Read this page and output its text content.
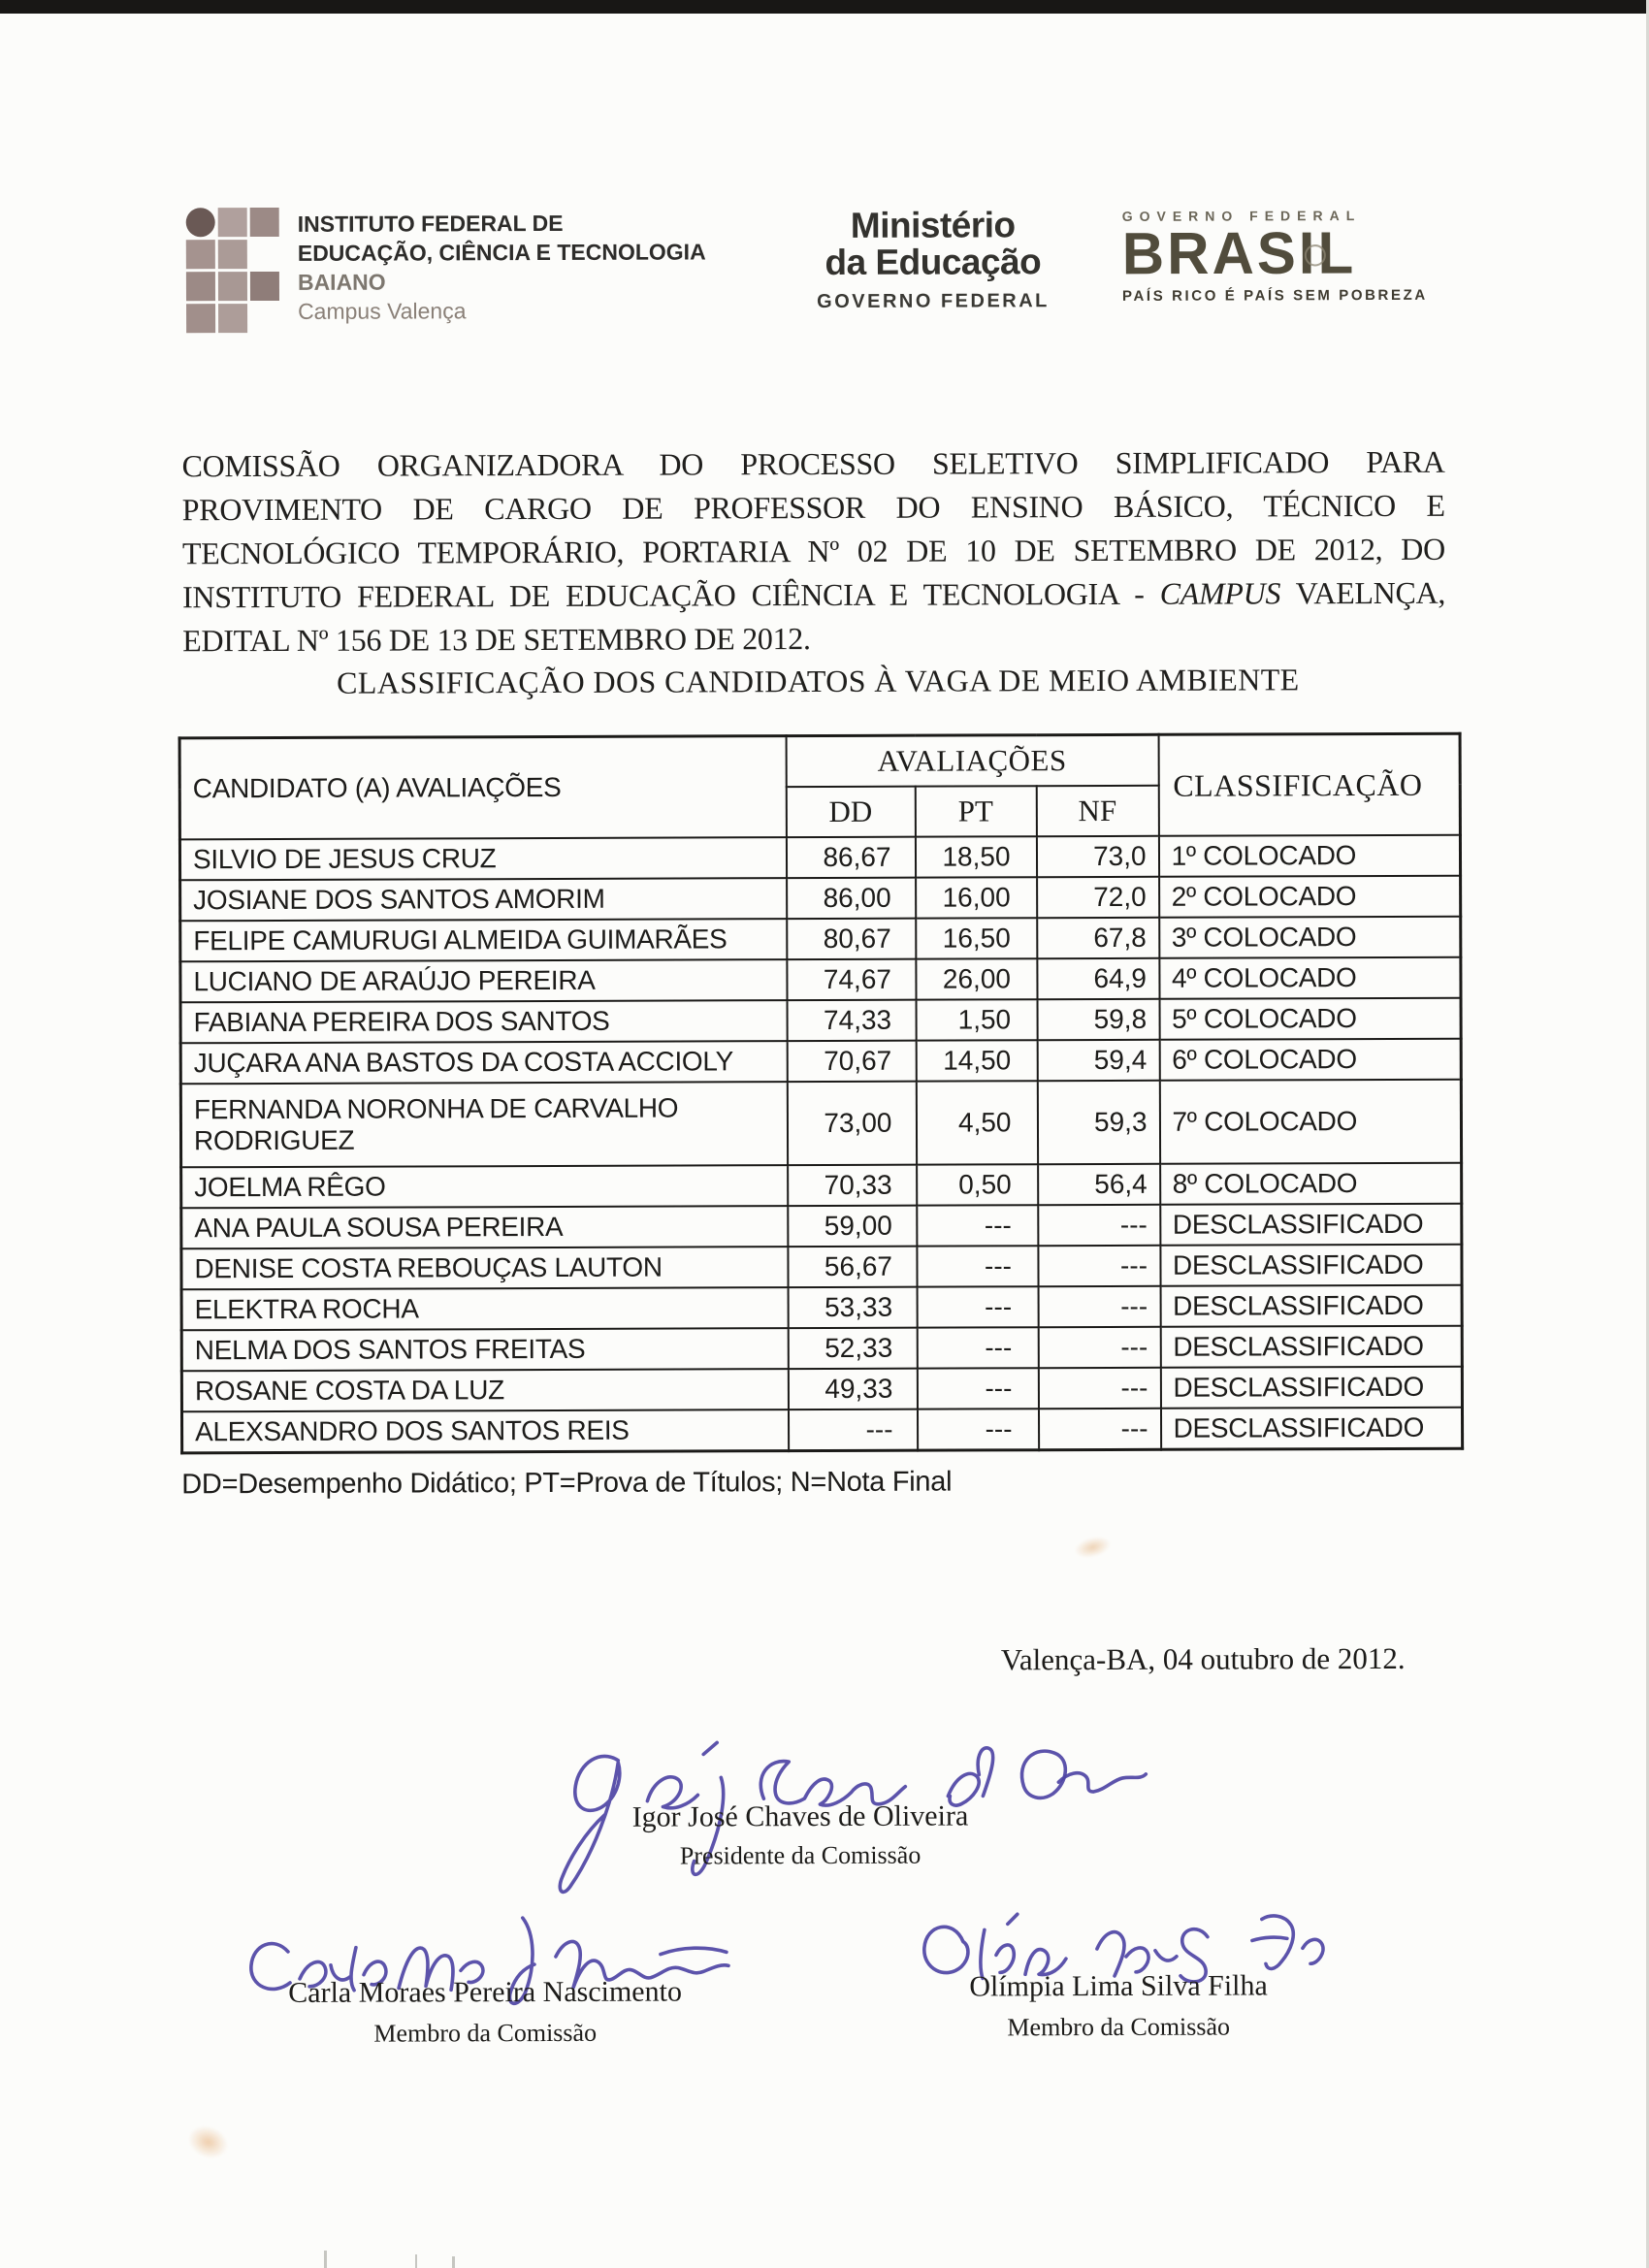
INSTITUTO FEDERAL DE
EDUCAÇÃO, CIÊNCIA E TECNOLOGIA
BAIANO
Campus Valença
Ministério
da Educação
GOVERNO FEDERAL
GOVERNO FEDERAL
BRASIL
PAÍS RICO É PAÍS SEM POBREZA

COMISSÃO ORGANIZADORA DO PROCESSO SELETIVO SIMPLIFICADO PARA PROVIMENTO DE CARGO DE PROFESSOR DO ENSINO BÁSICO, TÉCNICO E TECNOLÓGICO TEMPORÁRIO, PORTARIA Nº 02 DE 10 DE SETEMBRO DE 2012, DO INSTITUTO FEDERAL DE EDUCAÇÃO CIÊNCIA E TECNOLOGIA - CAMPUS VAELNÇA, EDITAL Nº 156 DE 13 DE SETEMBRO DE 2012.

CLASSIFICAÇÃO DOS CANDIDATOS À VAGA DE MEIO AMBIENTE
CANDIDATO (A) AVALIAÇÕES	AVALIAÇÕES			CLASSIFICAÇÃO
	DD	PT	NF	
SILVIO DE JESUS CRUZ	86,67	18,50	73,0	1º COLOCADO
JOSIANE DOS SANTOS AMORIM	86,00	16,00	72,0	2º COLOCADO
FELIPE CAMURUGI ALMEIDA GUIMARÃES	80,67	16,50	67,8	3º COLOCADO
LUCIANO DE ARAÚJO PEREIRA	74,67	26,00	64,9	4º COLOCADO
FABIANA PEREIRA DOS SANTOS	74,33	1,50	59,8	5º COLOCADO
JUÇARA ANA BASTOS DA COSTA ACCIOLY	70,67	14,50	59,4	6º COLOCADO
FERNANDA NORONHA DE CARVALHO
RODRIGUEZ	73,00	4,50	59,3	7º COLOCADO
JOELMA RÊGO	70,33	0,50	56,4	8º COLOCADO
ANA PAULA SOUSA PEREIRA	59,00	---	---	DESCLASSIFICADO
DENISE COSTA REBOUÇAS LAUTON	56,67	---	---	DESCLASSIFICADO
ELEKTRA ROCHA	53,33	---	---	DESCLASSIFICADO
NELMA DOS SANTOS FREITAS	52,33	---	---	DESCLASSIFICADO
ROSANE COSTA DA LUZ	49,33	---	---	DESCLASSIFICADO
ALEXSANDRO DOS SANTOS REIS	---	---	---	DESCLASSIFICADO
DD=Desempenho Didático; PT=Prova de Títulos; N=Nota Final
Valença-BA, 04 outubro de 2012.
Igor José Chaves de Oliveira
Presidente da Comissão
Carla Moraes Pereira Nascimento
Membro da Comissão
Olímpia Lima Silva Filha
Membro da Comissão
